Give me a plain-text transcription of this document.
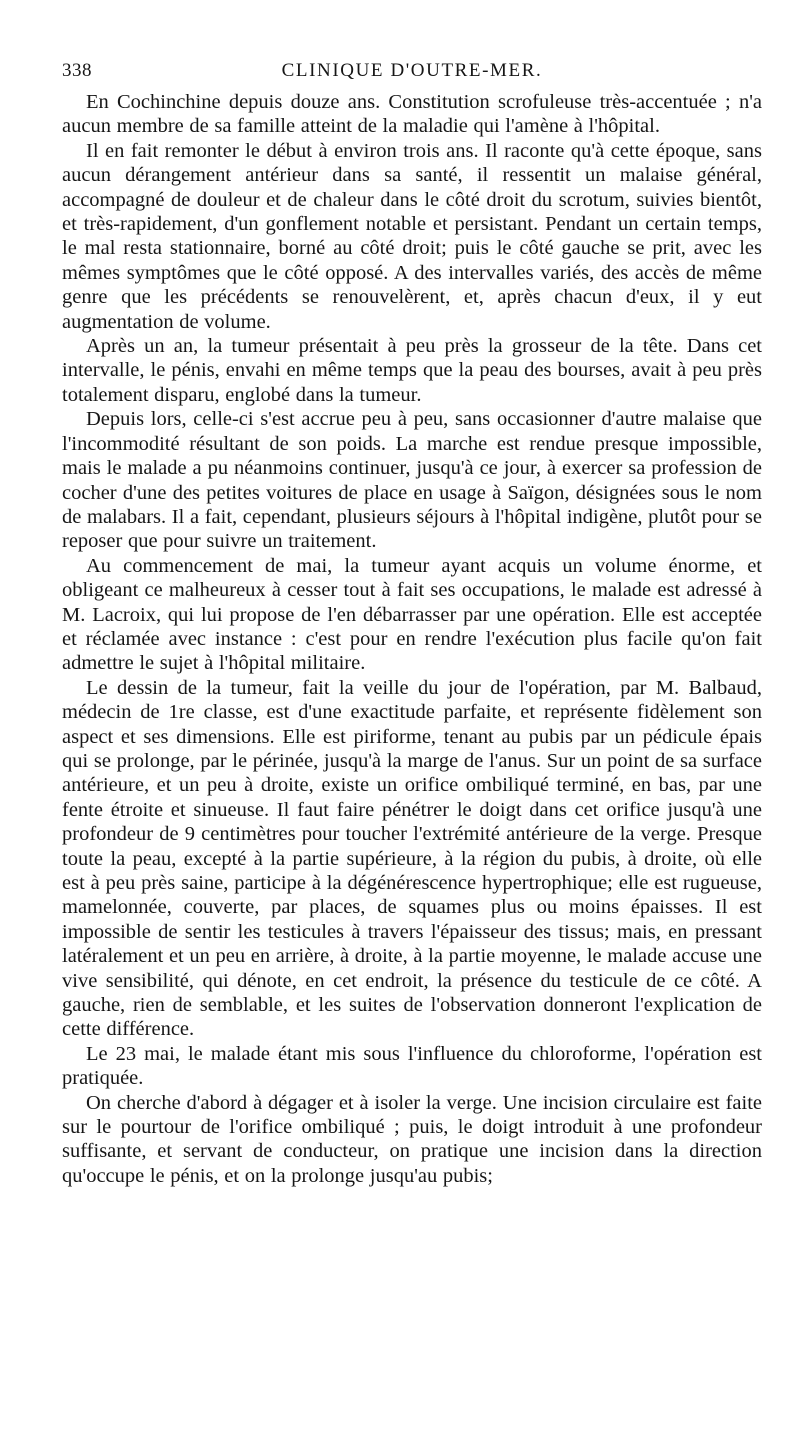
338	CLINIQUE D'OUTRE-MER.

En Cochinchine depuis douze ans. Constitution scrofuleuse très-accentuée ; n'a aucun membre de sa famille atteint de la maladie qui l'amène à l'hôpital.

Il en fait remonter le début à environ trois ans. Il raconte qu'à cette époque, sans aucun dérangement antérieur dans sa santé, il ressentit un malaise général, accompagné de douleur et de chaleur dans le côté droit du scrotum, suivies bientôt, et très-rapidement, d'un gonflement notable et persistant. Pendant un certain temps, le mal resta stationnaire, borné au côté droit; puis le côté gauche se prit, avec les mêmes symptômes que le côté opposé. A des intervalles variés, des accès de même genre que les précédents se renouvelèrent, et, après chacun d'eux, il y eut augmentation de volume.

Après un an, la tumeur présentait à peu près la grosseur de la tête. Dans cet intervalle, le pénis, envahi en même temps que la peau des bourses, avait à peu près totalement disparu, englobé dans la tumeur.

Depuis lors, celle-ci s'est accrue peu à peu, sans occasionner d'autre malaise que l'incommodité résultant de son poids. La marche est rendue presque impossible, mais le malade a pu néanmoins continuer, jusqu'à ce jour, à exercer sa profession de cocher d'une des petites voitures de place en usage à Saïgon, désignées sous le nom de malabars. Il a fait, cependant, plusieurs séjours à l'hôpital indigène, plutôt pour se reposer que pour suivre un traitement.

Au commencement de mai, la tumeur ayant acquis un volume énorme, et obligeant ce malheureux à cesser tout à fait ses occupations, le malade est adressé à M. Lacroix, qui lui propose de l'en débarrasser par une opération. Elle est acceptée et réclamée avec instance : c'est pour en rendre l'exécution plus facile qu'on fait admettre le sujet à l'hôpital militaire.

Le dessin de la tumeur, fait la veille du jour de l'opération, par M. Balbaud, médecin de 1re classe, est d'une exactitude parfaite, et représente fidèlement son aspect et ses dimensions. Elle est piriforme, tenant au pubis par un pédicule épais qui se prolonge, par le périnée, jusqu'à la marge de l'anus. Sur un point de sa surface antérieure, et un peu à droite, existe un orifice ombiliqué terminé, en bas, par une fente étroite et sinueuse. Il faut faire pénétrer le doigt dans cet orifice jusqu'à une profondeur de 9 centimètres pour toucher l'extrémité antérieure de la verge. Presque toute la peau, excepté à la partie supérieure, à la région du pubis, à droite, où elle est à peu près saine, participe à la dégénérescence hypertrophique; elle est rugueuse, mamelonnée, couverte, par places, de squames plus ou moins épaisses. Il est impossible de sentir les testicules à travers l'épaisseur des tissus; mais, en pressant latéralement et un peu en arrière, à droite, à la partie moyenne, le malade accuse une vive sensibilité, qui dénote, en cet endroit, la présence du testicule de ce côté. A gauche, rien de semblable, et les suites de l'observation donneront l'explication de cette différence.

Le 23 mai, le malade étant mis sous l'influence du chloroforme, l'opération est pratiquée.

On cherche d'abord à dégager et à isoler la verge. Une incision circulaire est faite sur le pourtour de l'orifice ombiliqué ; puis, le doigt introduit à une profondeur suffisante, et servant de conducteur, on pratique une incision dans la direction qu'occupe le pénis, et on la prolonge jusqu'au pubis;
